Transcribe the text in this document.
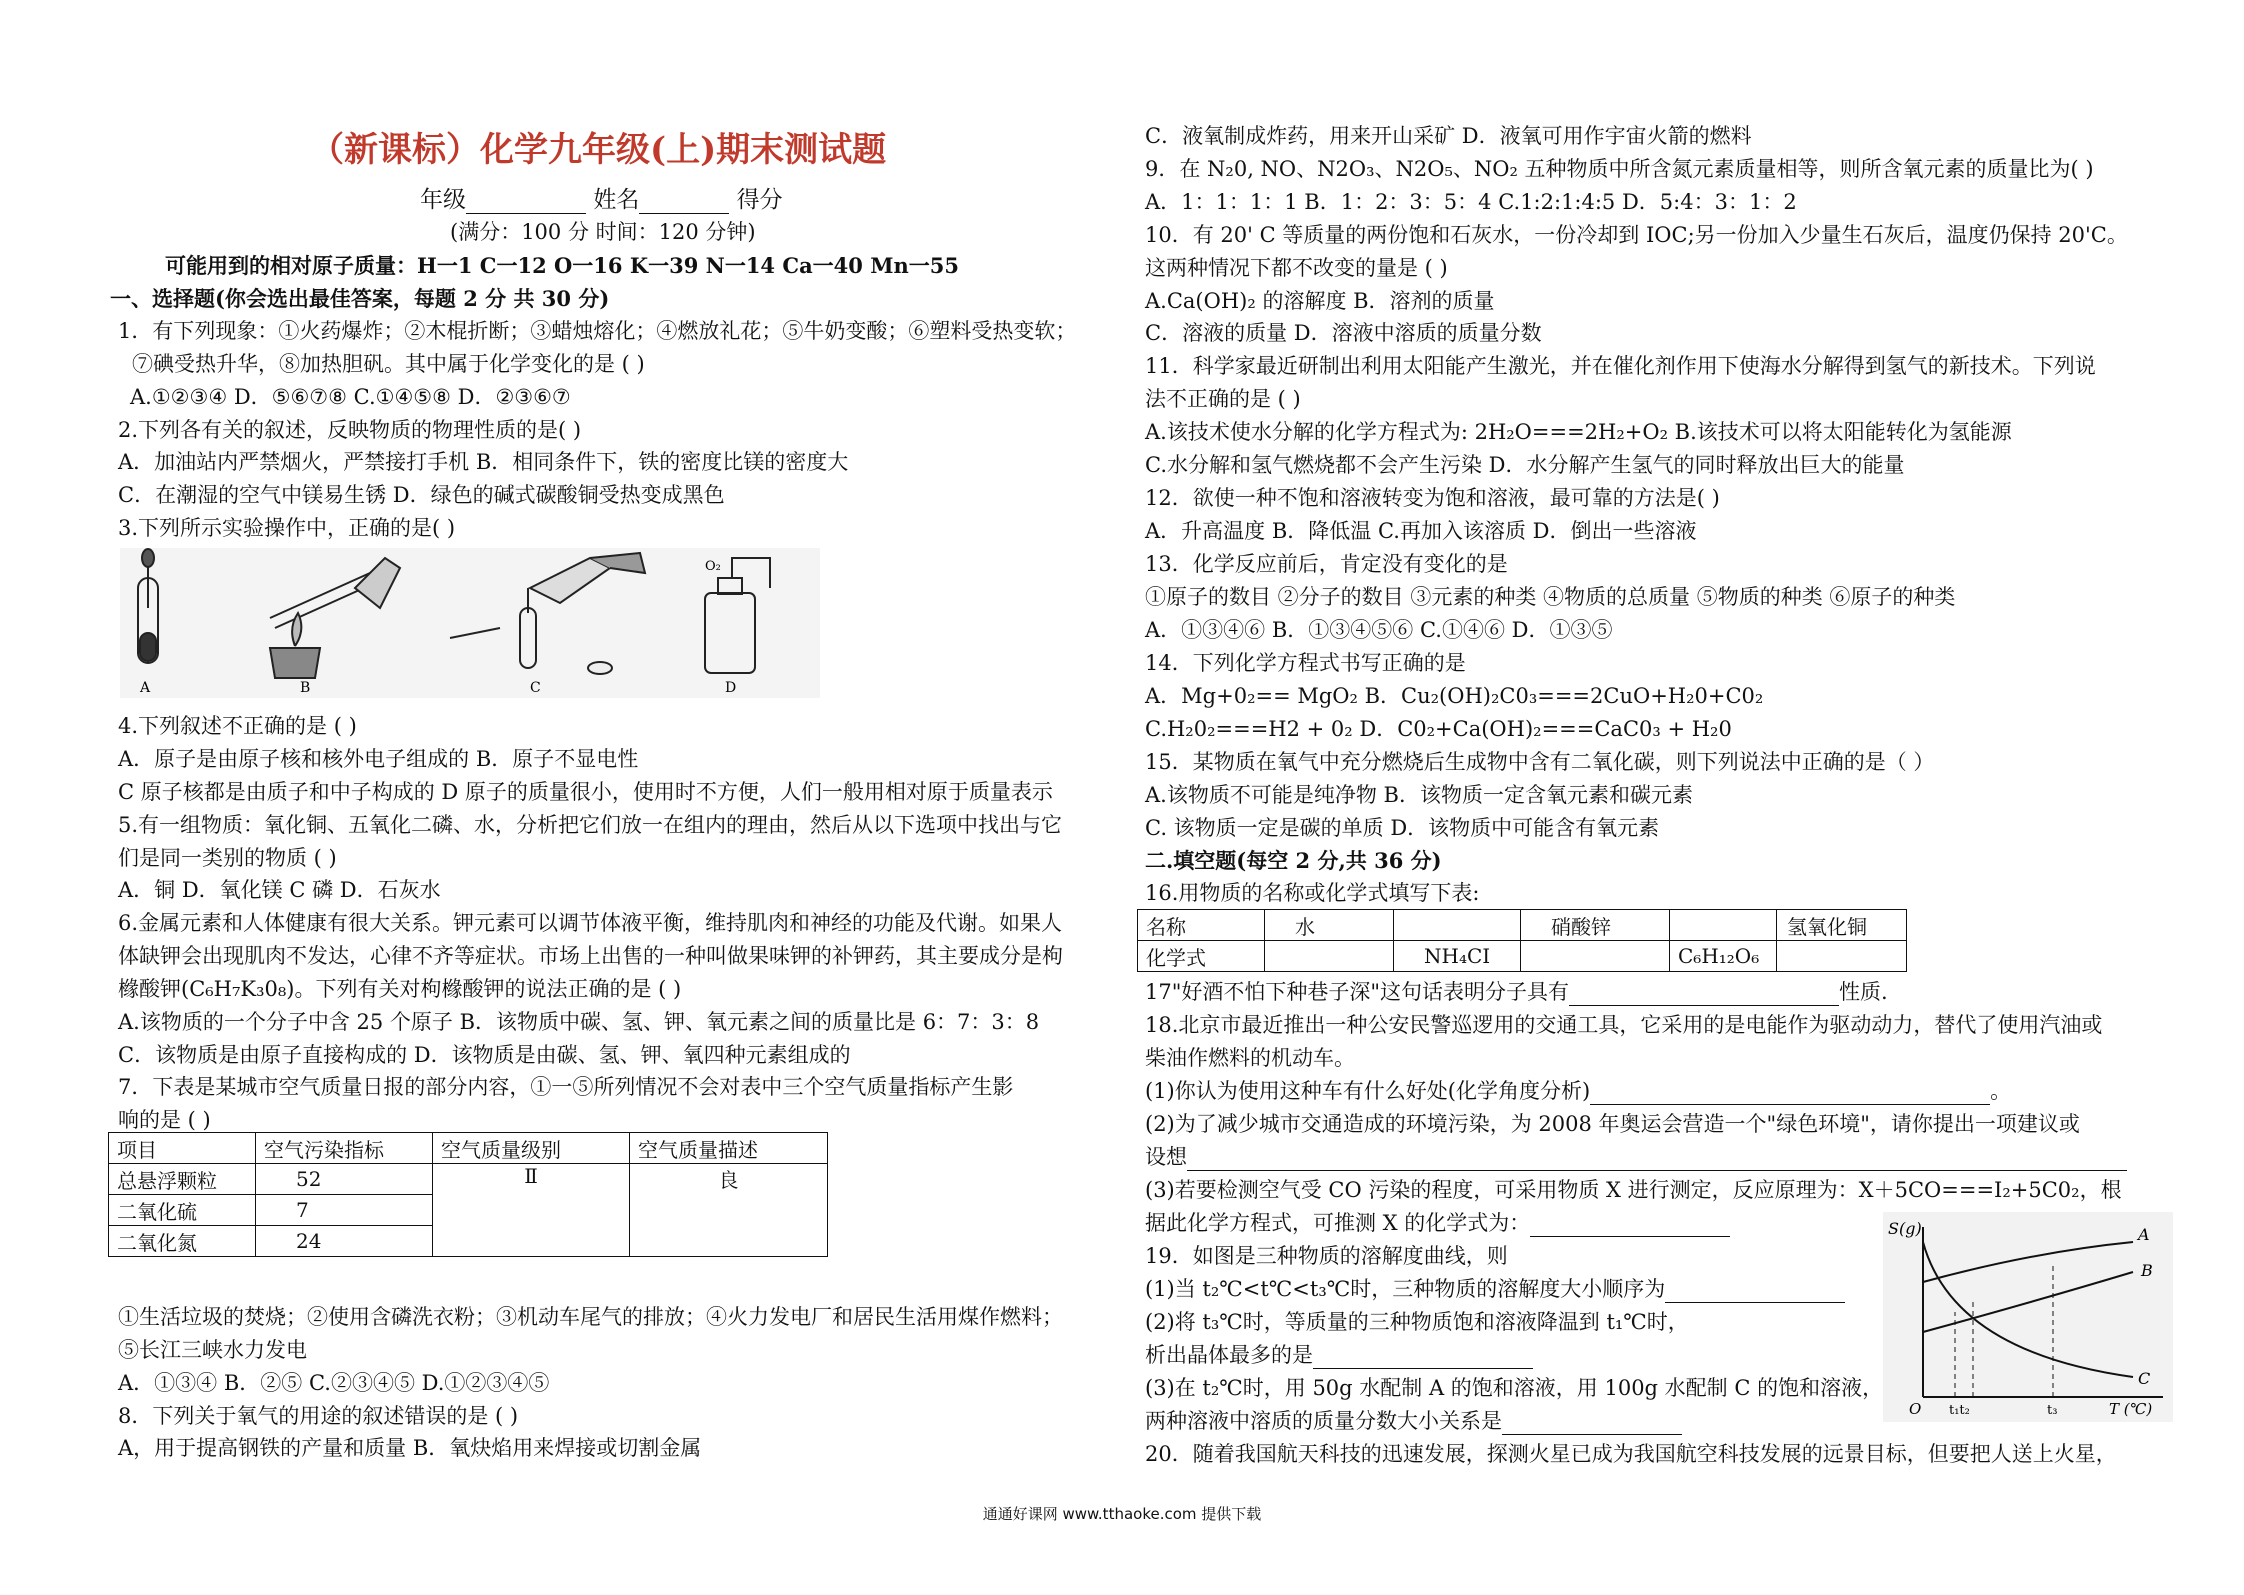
（新课标）化学九年级(上)期末测试题
年级	姓名	得分
(满分：100 分 时间：120 分钟)
可能用到的相对原子质量：H一1 C一12 O一16 K一39 N一14 Ca一40 Mn一55
一、选择题(你会选出最佳答案，每题 2 分 共 30 分)
1．有下列现象：①火药爆炸；②木棍折断；③蜡烛熔化；④燃放礼花；⑤牛奶变酸；⑥塑料受热变软；
⑦碘受热升华，⑧加热胆矾。其中属于化学变化的是 ( )
A.①②③④ D．⑤⑥⑦⑧ C.①④⑤⑧ D．②③⑥⑦
2.下列各有关的叙述，反映物质的物理性质的是( )
A．加油站内严禁烟火，严禁接打手机 B．相同条件下，铁的密度比镁的密度大
C．在潮湿的空气中镁易生锈 D．绿色的碱式碳酸铜受热变成黑色
3.下列所示实验操作中，正确的是( )
A	B	C
O₂
D
4.下列叙述不正确的是 ( )
A．原子是由原子核和核外电子组成的 B．原子不显电性
C 原子核都是由质子和中子构成的 D 原子的质量很小，使用时不方便，人们一般用相对原于质量表示
5.有一组物质：氧化铜、五氧化二磷、水，分析把它们放一在组内的理由，然后从以下选项中找出与它
们是同一类别的物质 ( )
A．铜 D．氧化镁 C 磷 D．石灰水
6.金属元素和人体健康有很大关系。钾元素可以调节体液平衡，维持肌肉和神经的功能及代谢。如果人
体缺钾会出现肌肉不发达，心律不齐等症状。市场上出售的一种叫做果味钾的补钾药，其主要成分是枸
橼酸钾(C₆H₇K₃0₈)。下列有关对枸橼酸钾的说法正确的是 ( )
A.该物质的一个分子中含 25 个原子 B．该物质中碳、氢、钾、氧元素之间的质量比是 6：7：3：8
C．该物质是由原子直接构成的 D．该物质是由碳、氢、钾、氧四种元素组成的
7．下表是某城市空气质量日报的部分内容，①一⑤所列情况不会对表中三个空气质量指标产生影
响的是 ( )
项目	空气污染指标	空气质量级别	空气质量描述
总悬浮颗粒	52	Ⅱ	良
二氧化硫	7		
二氧化氮	24		
①生活垃圾的焚烧；②使用含磷洗衣粉；③机动车尾气的排放；④火力发电厂和居民生活用煤作燃料；
⑤长江三峡水力发电
A．①③④ B．②⑤ C.②③④⑤ D.①②③④⑤
8．下列关于氧气的用途的叙述错误的是 ( )
A，用于提高钢铁的产量和质量 B．氧炔焰用来焊接或切割金属
C．液氧制成炸药，用来开山采矿 D．液氧可用作宇宙火箭的燃料
9．在 N₂0, NO、N2O₃、N2O₅、NO₂ 五种物质中所含氮元素质量相等，则所含氧元素的质量比为( )
A．1：1：1：1 B．1：2：3：5：4 C.1:2:1:4:5 D．5:4：3：1：2
10．有 20' C 等质量的两份饱和石灰水，一份冷却到 IOC;另一份加入少量生石灰后，温度仍保持 20'C。
这两种情况下都不改变的量是 ( )
A.Ca(OH)₂ 的溶解度 B．溶剂的质量
C．溶液的质量 D．溶液中溶质的质量分数
11．科学家最近研制出利用太阳能产生激光，并在催化剂作用下使海水分解得到氢气的新技术。下列说
法不正确的是 ( )
A.该技术使水分解的化学方程式为: 2H₂O===2H₂+O₂ B.该技术可以将太阳能转化为氢能源
C.水分解和氢气燃烧都不会产生污染 D．水分解产生氢气的同时释放出巨大的能量
12．欲使一种不饱和溶液转变为饱和溶液，最可靠的方法是( )
A．升高温度 B．降低温 C.再加入该溶质 D．倒出一些溶液
13．化学反应前后，肯定没有变化的是
①原子的数目 ②分子的数目 ③元素的种类 ④物质的总质量 ⑤物质的种类 ⑥原子的种类
A．①③④⑥ B．①③④⑤⑥ C.①④⑥ D．①③⑤
14．下列化学方程式书写正确的是
A．Mg+0₂== MgO₂ B．Cu₂(OH)₂C0₃===2CuO+H₂0+C0₂
C.H₂0₂===H2 + 0₂ D．C0₂+Ca(OH)₂===CaC0₃ + H₂0
15．某物质在氧气中充分燃烧后生成物中含有二氧化碳，则下列说法中正确的是（ ）
A.该物质不可能是纯净物 B．该物质一定含氧元素和碳元素
C. 该物质一定是碳的单质 D．该物质中可能含有氧元素
二.填空题(每空 2 分,共 36 分)
16.用物质的名称或化学式填写下表:
名称	水		硝酸锌		氢氧化铜
化学式		NH₄CI		C₆H₁₂O₆	
17"好酒不怕下种巷子深"这句话表明分子具有	性质.
18.北京市最近推出一种公安民警巡逻用的交通工具，它采用的是电能作为驱动动力，替代了使用汽油或
柴油作燃料的机动车。
(1)你认为使用这种车有什么好处(化学角度分析)	。
(2)为了减少城市交通造成的环境污染，为 2008 年奥运会营造一个"绿色环境"，请你提出一项建议或
设想
(3)若要检测空气受 CO 污染的程度，可采用物质 X 进行测定，反应原理为：X＋5CO===I₂+5C0₂，根
据此化学方程式，可推测 X 的化学式为：
19．如图是三种物质的溶解度曲线，则
(1)当 t₂℃<t℃<t₃℃时，三种物质的溶解度大小顺序为
(2)将 t₃℃时，等质量的三种物质饱和溶液降温到 t₁℃时，
析出晶体最多的是
(3)在 t₂℃时，用 50g 水配制 A 的饱和溶液，用 100g 水配制 C 的饱和溶液，
两种溶液中溶质的质量分数大小关系是
20．随着我国航天科技的迅速发展，探测火星已成为我国航空科技发展的远景目标，但要把人送上火星，
S(g)	A
B
C
O t₁t₂	t₃	T (℃)
通通好课网 www.tthaoke.com 提供下载
